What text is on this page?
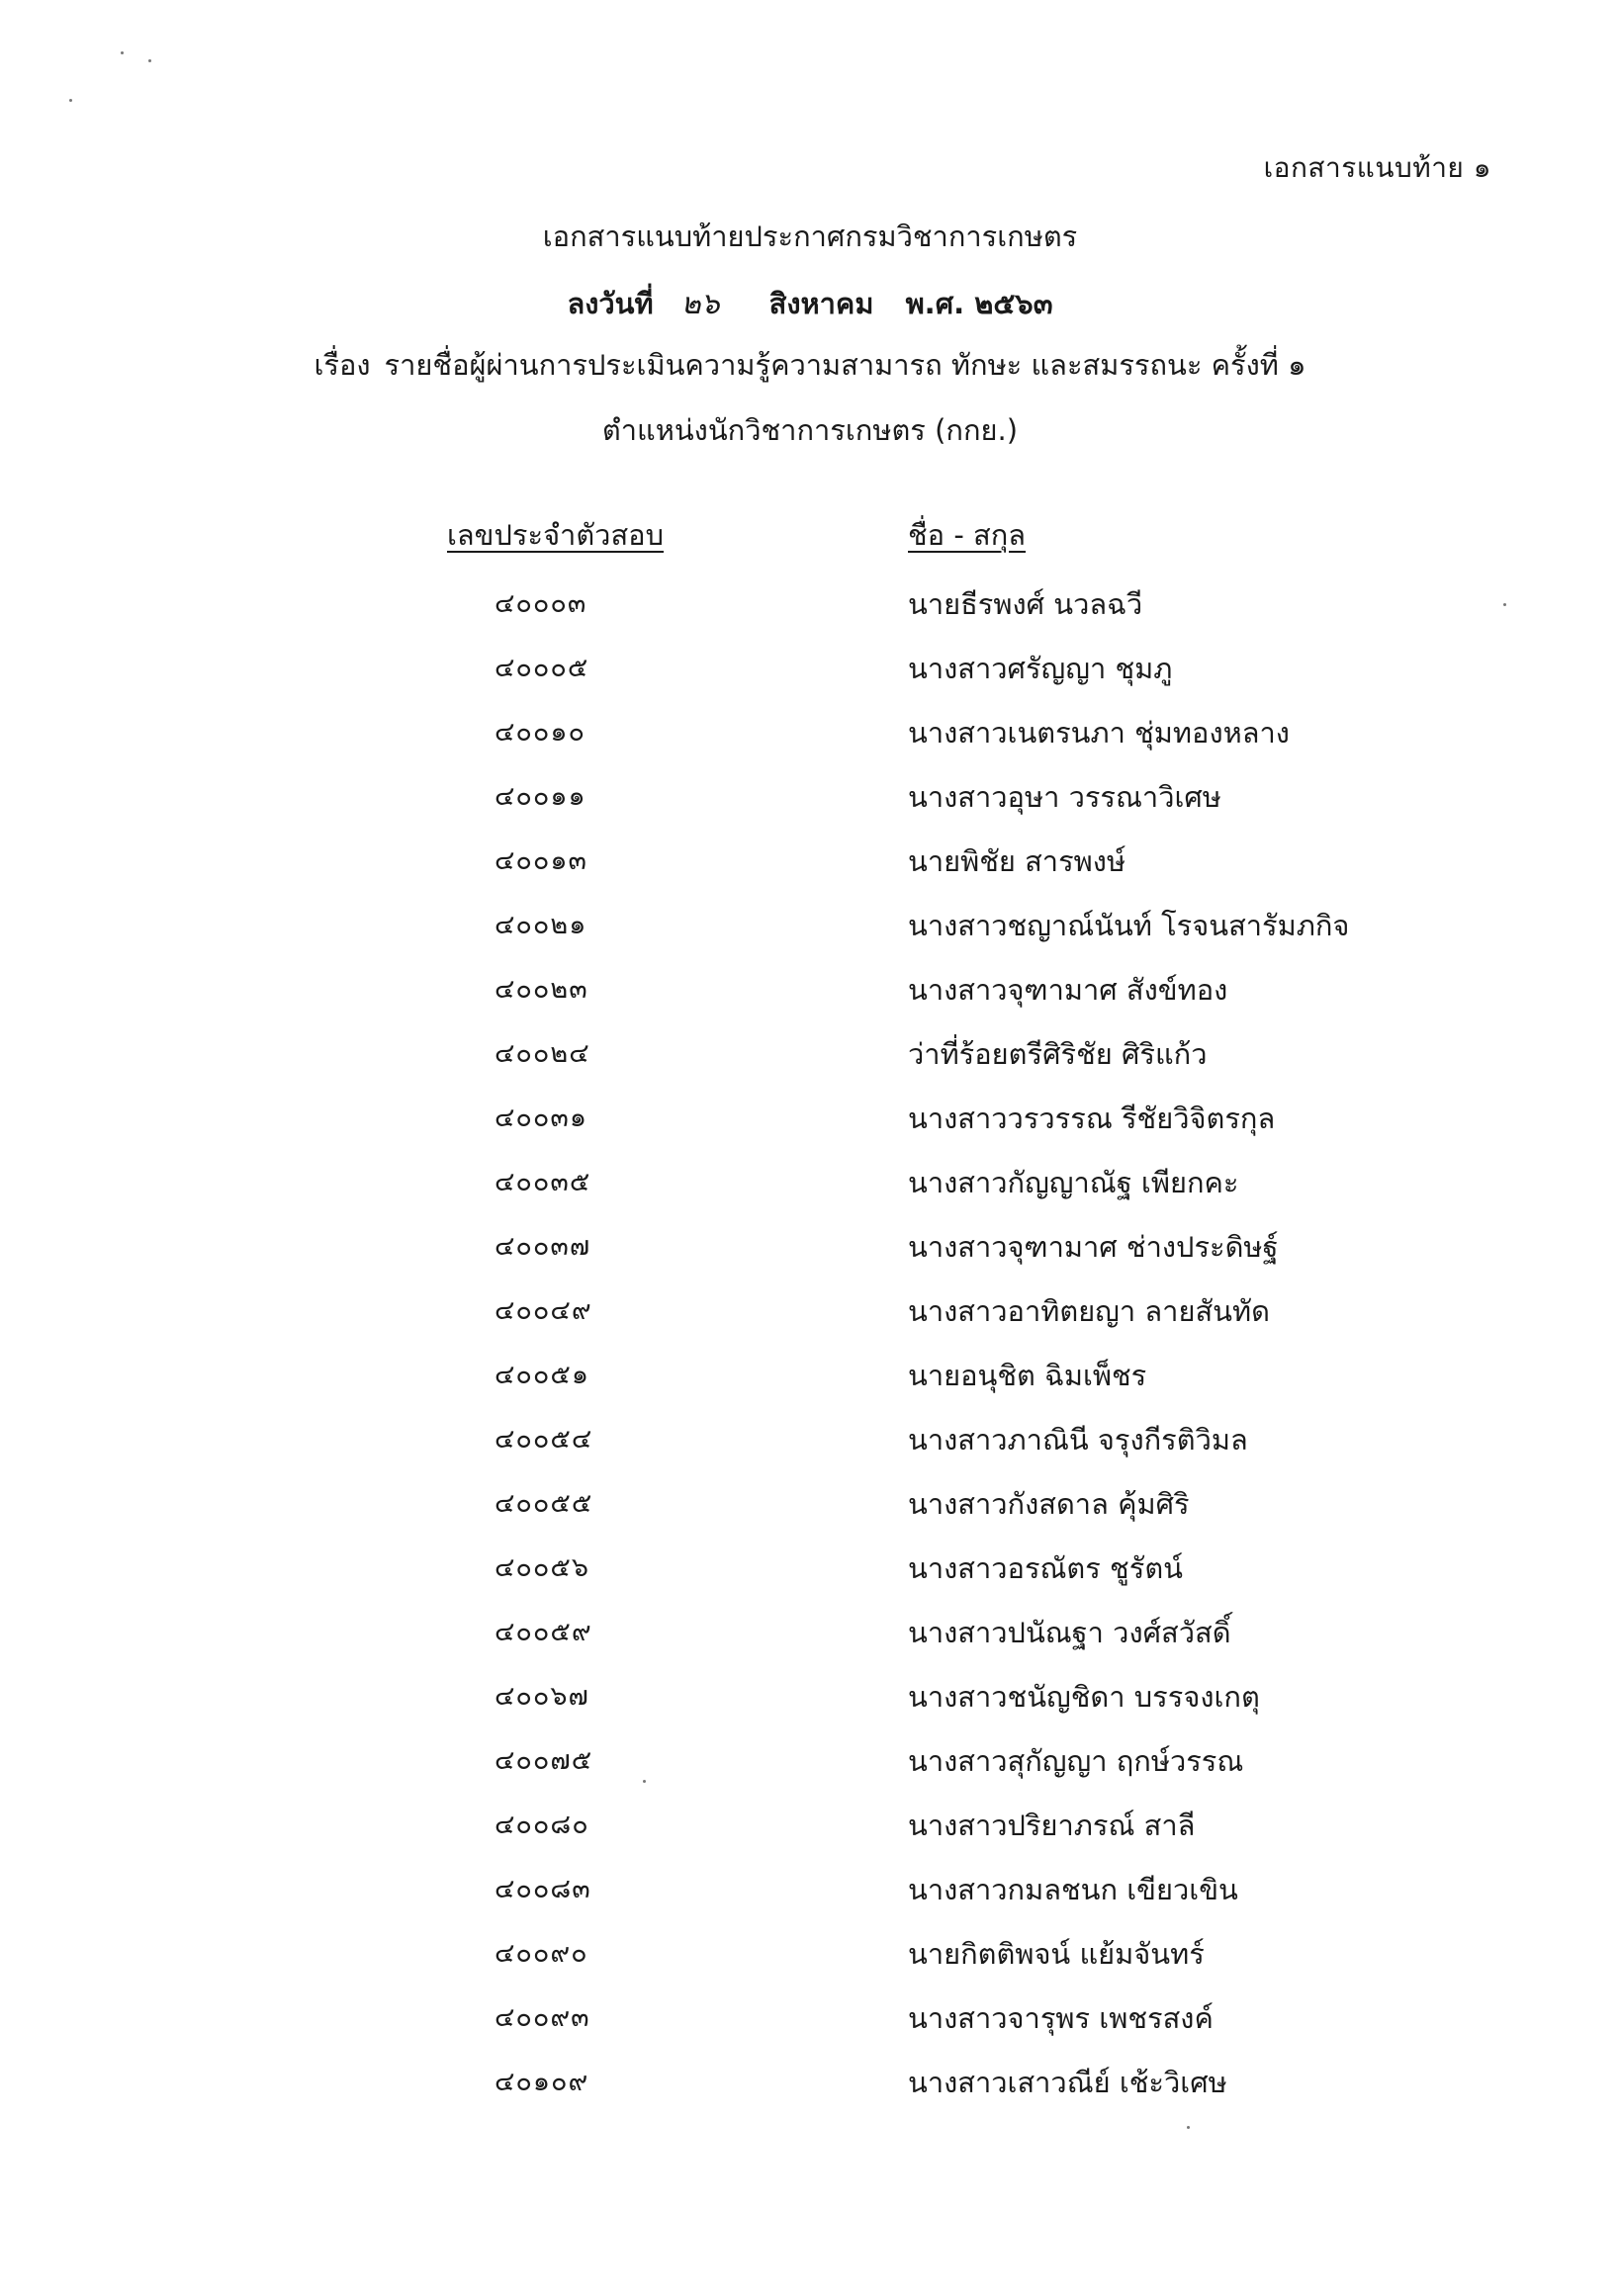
เอกสารแนบท้าย ๑
เอกสารแนบท้ายประกาศกรมวิชาการเกษตร
ลงวันที่ ๒๖ สิงหาคม พ.ศ. ๒๕๖๓
เรื่อง รายชื่อผู้ผ่านการประเมินความรู้ความสามารถ ทักษะ และสมรรถนะ ครั้งที่ ๑
ตำแหน่งนักวิชาการเกษตร (กกย.)
เลขประจำตัวสอบ	ชื่อ - สกุล
๔๐๐๐๓	นายธีรพงศ์ นวลฉวี
๔๐๐๐๕	นางสาวศรัญญา ชุมภู
๔๐๐๑๐	นางสาวเนตรนภา ชุ่มทองหลาง
๔๐๐๑๑	นางสาวอุษา วรรณาวิเศษ
๔๐๐๑๓	นายพิชัย สารพงษ์
๔๐๐๒๑	นางสาวชญาณ์นันท์ โรจนสารัมภกิจ
๔๐๐๒๓	นางสาวจุฑามาศ สังข์ทอง
๔๐๐๒๔	ว่าที่ร้อยตรีศิริชัย ศิริแก้ว
๔๐๐๓๑	นางสาววรวรรณ รีชัยวิจิตรกุล
๔๐๐๓๕	นางสาวกัญญาณัฐ เพียกคะ
๔๐๐๓๗	นางสาวจุฑามาศ ช่างประดิษฐ์
๔๐๐๔๙	นางสาวอาทิตยญา ลายสันทัด
๔๐๐๕๑	นายอนุชิต ฉิมเพ็ชร
๔๐๐๕๔	นางสาวภาณินี จรุงกีรติวิมล
๔๐๐๕๕	นางสาวกังสดาล คุ้มศิริ
๔๐๐๕๖	นางสาวอรณัตร ชูรัตน์
๔๐๐๕๙	นางสาวปนัณฐา วงศ์สวัสดิ์
๔๐๐๖๗	นางสาวชนัญชิดา บรรจงเกตุ
๔๐๐๗๕	นางสาวสุกัญญา ฤกษ์วรรณ
๔๐๐๘๐	นางสาวปริยาภรณ์ สาลี
๔๐๐๘๓	นางสาวกมลชนก เขียวเขิน
๔๐๐๙๐	นายกิตติพจน์ แย้มจันทร์
๔๐๐๙๓	นางสาวจารุพร เพชรสงค์
๔๐๑๐๙	นางสาวเสาวณีย์ เช้ะวิเศษ
